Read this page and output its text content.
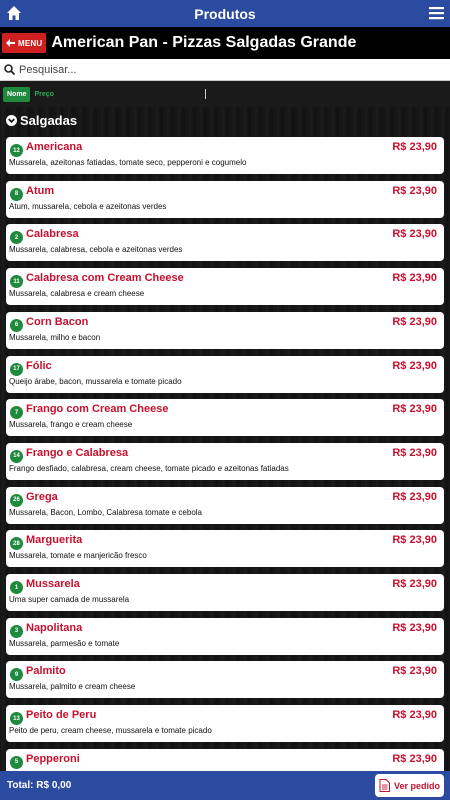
Produtos
MENU American Pan - Pizzas Salgadas Grande
Pesquisar...
Nome	Preço
Salgadas
12 Americana	R$ 23,90
Mussarela, azeitonas fatiadas, tomate seco, pepperoni e cogumelo
8 Atum	R$ 23,90
Atum, mussarela, cebola e azeitonas verdes
2 Calabresa	R$ 23,90
Mussarela, calabresa, cebola e azeitonas verdes
11 Calabresa com Cream Cheese	R$ 23,90
Mussarela, calabresa e cream cheese
6 Corn Bacon	R$ 23,90
Mussarela, milho e bacon
17 Fólic	R$ 23,90
Queijo árabe, bacon, mussarela e tomate picado
7 Frango com Cream Cheese	R$ 23,90
Mussarela, frango e cream cheese
14 Frango e Calabresa	R$ 23,90
Frango desfiado, calabresa, cream cheese, tomate picado e azeitonas fatiadas
26 Grega	R$ 23,90
Mussarela, Bacon, Lombo, Calabresa tomate e cebola
28 Marguerita	R$ 23,90
Mussarela, tomate e manjericão fresco
1 Mussarela	R$ 23,90
Uma super camada de mussarela
3 Napolitana	R$ 23,90
Mussarela, parmesão e tomate
9 Palmito	R$ 23,90
Mussarela, palmito e cream cheese
13 Peito de Peru	R$ 23,90
Peito de peru, cream cheese, mussarela e tomate picado
5 Pepperoni	R$ 23,90
Total: R$ 0,00	Ver pedido
